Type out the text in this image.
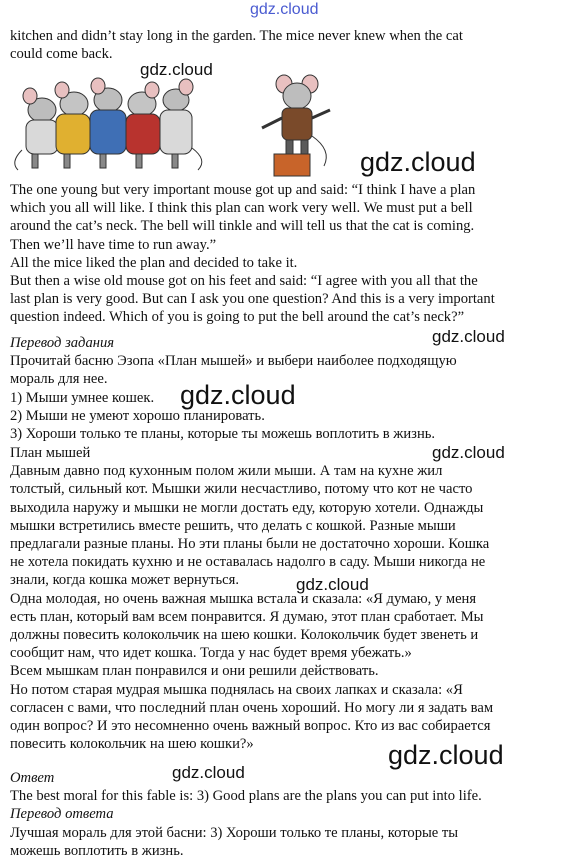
gdz.cloud

kitchen and didn’t stay long in the garden. The mice never knew when the cat

could come back.

gdz.cloud
gdz.cloud

The one young but very important mouse got up and said: “I think I have a plan

which you all will like. I think this plan can work very well. We must put a bell

around the cat’s neck. The bell will tinkle and will tell us that the cat is coming.

Then we’ll have time to run away.”

All the mice liked the plan and decided to take it.

But then a wise old mouse got on his feet and said: “I agree with you all that the

last plan is very good. But can I ask you one question? And this is a very important

question indeed. Which of you is going to put the bell around the cat’s neck?”

Перевод задания

Прочитай басню Эзопа «План мышей» и выбери наиболее подходящую

мораль для нее.

1) Мыши умнее кошек.

2) Мыши не умеют хорошо планировать.

3) Хороши только те планы, которые ты можешь воплотить в жизнь.

gdz.cloud
gdz.cloud
gdz.cloud

План мышей

Давным давно под кухонным полом жили мыши. А там на кухне жил

толстый, сильный кот. Мышки жили несчастливо, потому что кот не часто

выходила наружу и мышки не могли достать еду, которую хотели. Однажды

мышки встретились вместе решить, что делать с кошкой. Разные мыши

предлагали разные планы. Но эти планы были не достаточно хороши. Кошка

не хотела покидать кухню и не оставалась надолго в саду. Мыши никогда не

знали, когда кошка может вернуться.

Одна молодая, но очень важная мышка встала и сказала: «Я думаю, у меня

есть план, который вам всем понравится. Я думаю, этот план сработает. Мы

должны повесить колокольчик на шею кошки. Колокольчик будет звенеть и

сообщит нам, что идет кошка. Тогда у нас будет время убежать.»

Всем мышкам план понравился и они решили действовать.

Но потом старая мудрая мышка поднялась на своих лапках и сказала: «Я

согласен с вами, что последний план очень хороший. Но могу ли я задать вам

один вопрос? И это несомненно очень важный вопрос. Кто из вас собирается

повесить колокольчик на шею кошки?»

gdz.cloud
gdz.cloud

Ответ

The best moral for this fable is: 3) Good plans are the plans you can put into life.

Перевод ответа

Лучшая мораль для этой басни: 3) Хороши только те планы, которые ты

можешь воплотить в жизнь.

gdz.cloud
